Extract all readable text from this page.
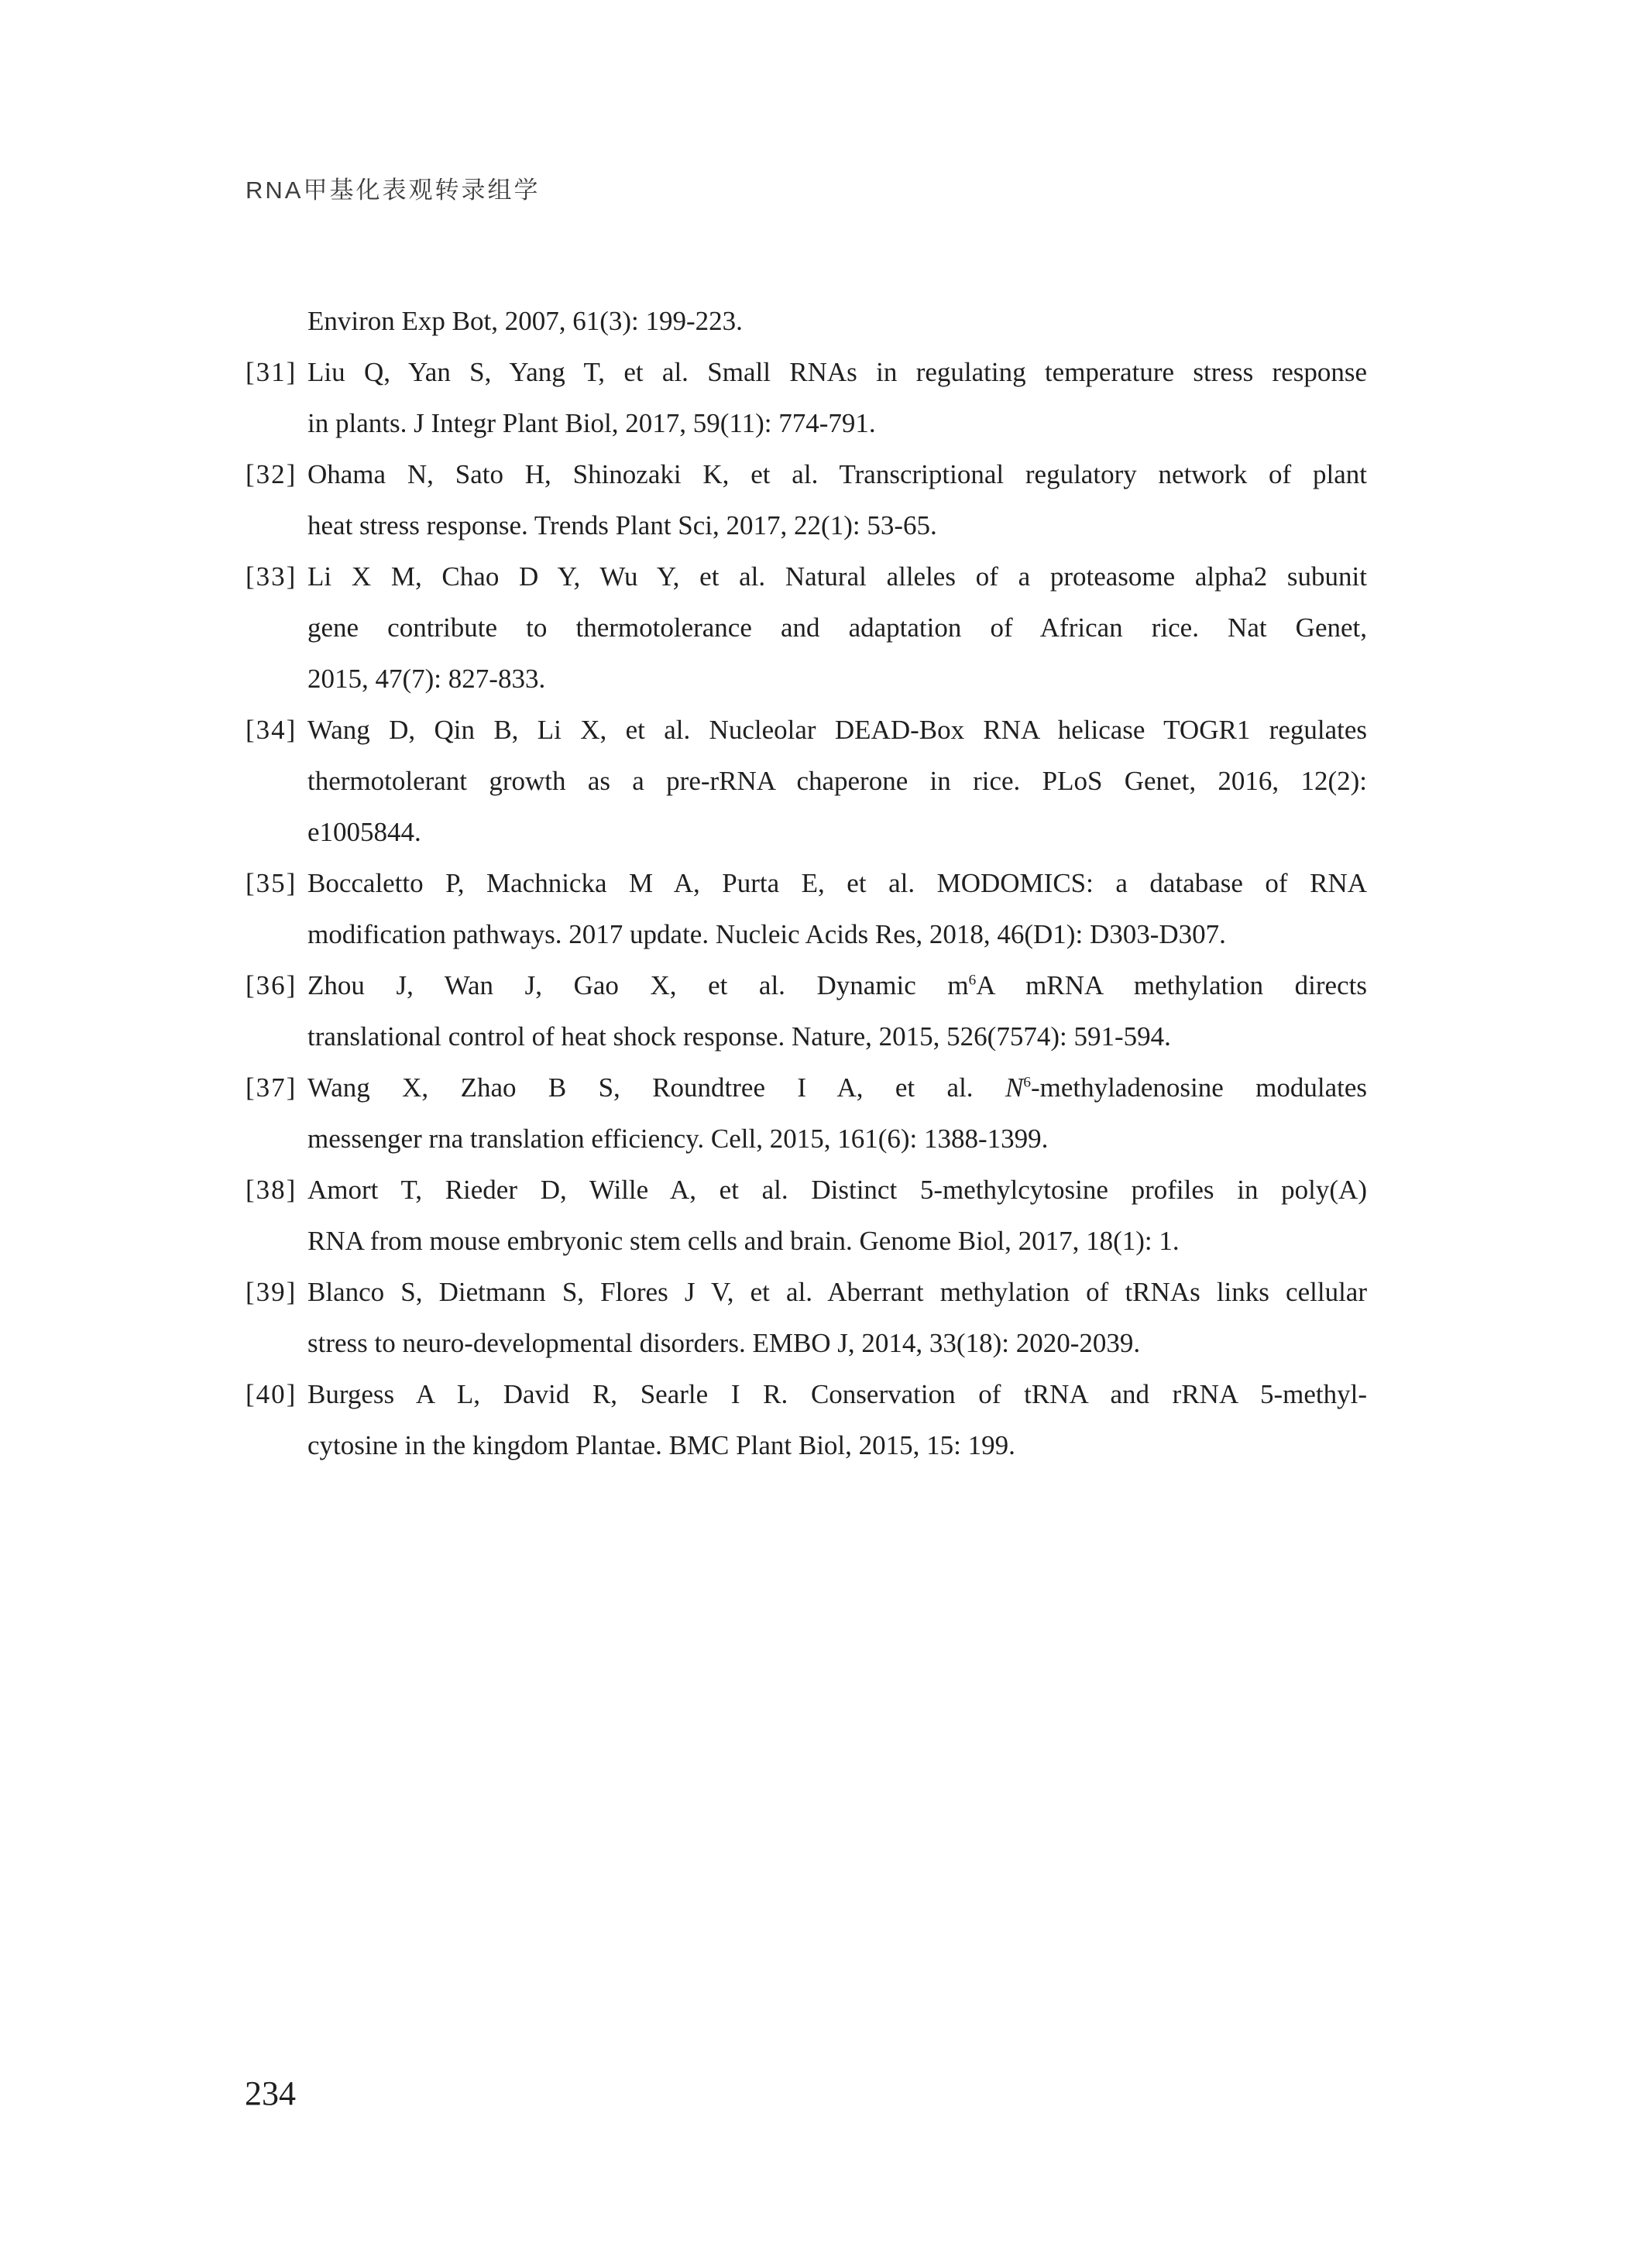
RNA甲基化表观转录组学
Environ Exp Bot, 2007, 61(3): 199-223.
[31] Liu Q, Yan S, Yang T, et al. Small RNAs in regulating temperature stress response
in plants. J Integr Plant Biol, 2017, 59(11): 774-791.
[32] Ohama N, Sato H, Shinozaki K, et al. Transcriptional regulatory network of plant
heat stress response. Trends Plant Sci, 2017, 22(1): 53-65.
[33] Li X M, Chao D Y, Wu Y, et al. Natural alleles of a proteasome alpha2 subunit
gene contribute to thermotolerance and adaptation of African rice. Nat Genet,
2015, 47(7): 827-833.
[34] Wang D, Qin B, Li X, et al. Nucleolar DEAD-Box RNA helicase TOGR1 regulates
thermotolerant growth as a pre-rRNA chaperone in rice. PLoS Genet, 2016, 12(2):
e1005844.
[35] Boccaletto P, Machnicka M A, Purta E, et al. MODOMICS: a database of RNA
modification pathways. 2017 update. Nucleic Acids Res, 2018, 46(D1): D303-D307.
[36] Zhou J, Wan J, Gao X, et al. Dynamic $m^6A$ mRNA methylation directs
translational control of heat shock response. Nature, 2015, 526(7574): 591-594.
[37] Wang X, Zhao B S, Roundtree I A, et al. $N^6$-methyladenosine modulates
messenger rna translation efficiency. Cell, 2015, 161(6): 1388-1399.
[38] Amort T, Rieder D, Wille A, et al. Distinct 5-methylcytosine profiles in poly(A)
RNA from mouse embryonic stem cells and brain. Genome Biol, 2017, 18(1): 1.
[39] Blanco S, Dietmann S, Flores J V, et al. Aberrant methylation of tRNAs links cellular
stress to neuro-developmental disorders. EMBO J, 2014, 33(18): 2020-2039.
[40] Burgess A L, David R, Searle I R. Conservation of tRNA and rRNA 5-methyl-
cytosine in the kingdom Plantae. BMC Plant Biol, 2015, 15: 199.
234
